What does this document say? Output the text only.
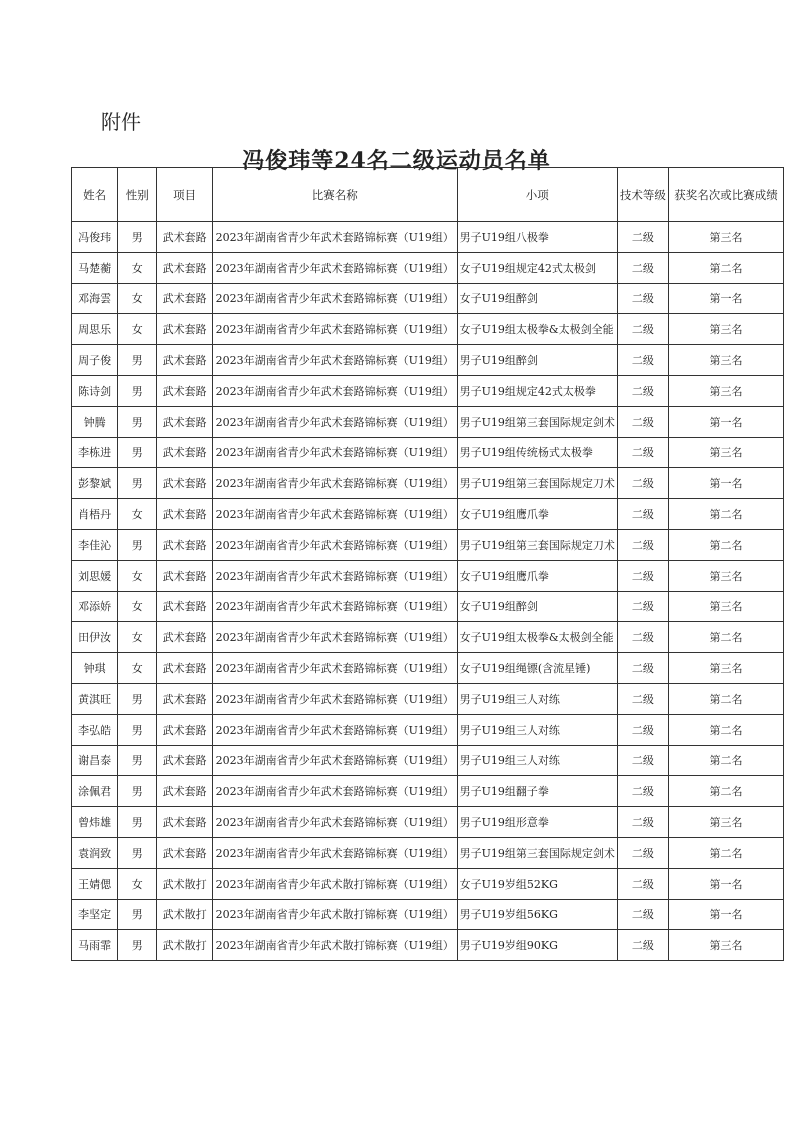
附件
冯俊玮等24名二级运动员名单
姓名	性别	项目	比赛名称	小项	技术等级	获奖名次或比赛成绩
冯俊玮	男	武术套路	2023年湖南省青少年武术套路锦标赛（U19组）	男子U19组八极拳	二级	第三名
马楚蘅	女	武术套路	2023年湖南省青少年武术套路锦标赛（U19组）	女子U19组规定42式太极剑	二级	第二名
邓海雲	女	武术套路	2023年湖南省青少年武术套路锦标赛（U19组）	女子U19组醉剑	二级	第一名
周思乐	女	武术套路	2023年湖南省青少年武术套路锦标赛（U19组）	女子U19组太极拳&太极剑全能	二级	第三名
周子俊	男	武术套路	2023年湖南省青少年武术套路锦标赛（U19组）	男子U19组醉剑	二级	第三名
陈诗剑	男	武术套路	2023年湖南省青少年武术套路锦标赛（U19组）	男子U19组规定42式太极拳	二级	第三名
钟腾	男	武术套路	2023年湖南省青少年武术套路锦标赛（U19组）	男子U19组第三套国际规定剑术	二级	第一名
李栋进	男	武术套路	2023年湖南省青少年武术套路锦标赛（U19组）	男子U19组传统杨式太极拳	二级	第三名
彭黎斌	男	武术套路	2023年湖南省青少年武术套路锦标赛（U19组）	男子U19组第三套国际规定刀术	二级	第一名
肖梧丹	女	武术套路	2023年湖南省青少年武术套路锦标赛（U19组）	女子U19组鹰爪拳	二级	第二名
李佳沁	男	武术套路	2023年湖南省青少年武术套路锦标赛（U19组）	男子U19组第三套国际规定刀术	二级	第二名
刘思媛	女	武术套路	2023年湖南省青少年武术套路锦标赛（U19组）	女子U19组鹰爪拳	二级	第三名
邓添娇	女	武术套路	2023年湖南省青少年武术套路锦标赛（U19组）	女子U19组醉剑	二级	第三名
田伊汝	女	武术套路	2023年湖南省青少年武术套路锦标赛（U19组）	女子U19组太极拳&太极剑全能	二级	第二名
钟琪	女	武术套路	2023年湖南省青少年武术套路锦标赛（U19组）	女子U19组绳镖(含流星锤)	二级	第三名
黄淇旺	男	武术套路	2023年湖南省青少年武术套路锦标赛（U19组）	男子U19组三人对练	二级	第二名
李弘皓	男	武术套路	2023年湖南省青少年武术套路锦标赛（U19组）	男子U19组三人对练	二级	第二名
谢昌泰	男	武术套路	2023年湖南省青少年武术套路锦标赛（U19组）	男子U19组三人对练	二级	第二名
涂佩君	男	武术套路	2023年湖南省青少年武术套路锦标赛（U19组）	男子U19组翻子拳	二级	第二名
曾炜雄	男	武术套路	2023年湖南省青少年武术套路锦标赛（U19组）	男子U19组形意拳	二级	第三名
袁润致	男	武术套路	2023年湖南省青少年武术套路锦标赛（U19组）	男子U19组第三套国际规定剑术	二级	第二名
王婧偲	女	武术散打	2023年湖南省青少年武术散打锦标赛（U19组）	女子U19岁组52KG	二级	第一名
李坚定	男	武术散打	2023年湖南省青少年武术散打锦标赛（U19组）	男子U19岁组56KG	二级	第一名
马雨霏	男	武术散打	2023年湖南省青少年武术散打锦标赛（U19组）	男子U19岁组90KG	二级	第三名
